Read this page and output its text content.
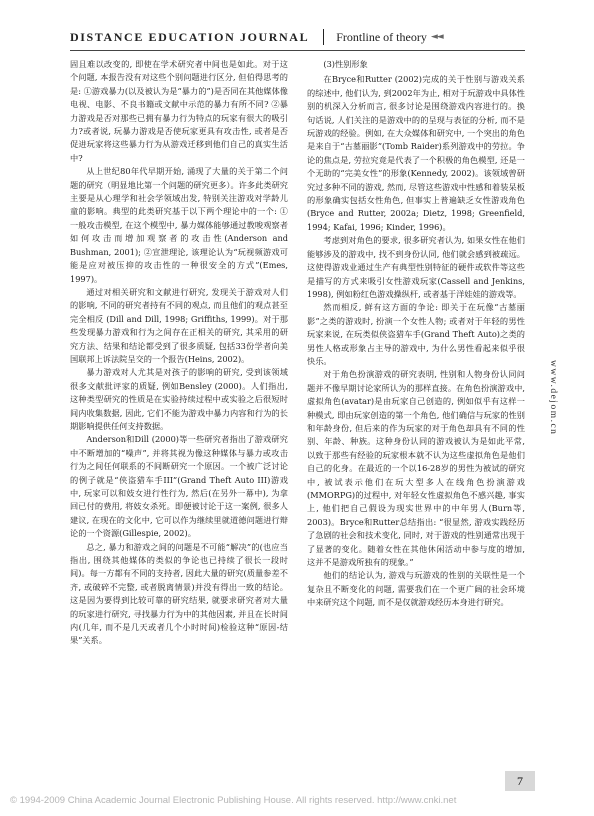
DISTANCE EDUCATION JOURNAL Frontline of theory ◄◄

固且难以改变的, 即使在学术研究者中间也是如此。对于这个问题, 本报告没有对这些个别问题进行区分, 但伯得思考的是: ①游戏暴力(以及被认为是“暴力的”)是否同在其他媒体像电视、电影、不良书籍或文献中示范的暴力有所不同? ②暴力游戏是否对那些已拥有暴力行为特点的玩家有很大的吸引力?或者说, 玩暴力游戏是否使玩家更具有攻击性, 或者是否促进玩家将这些暴力行为从游戏迁移到他们自己的真实生活中?

从上世纪80年代早期开始, 涌现了大量的关于第二个问题的研究（明显地比第一个问题的研究更多）。许多此类研究主要是从心理学和社会学领域出发, 特别关注游戏对学龄儿童的影响。典型的此类研究基于以下两个理论中的一个: ①一般攻击模型, 在这个模型中, 暴力媒体能够通过教唆观察者如何攻击而增加观察者的攻击性(Anderson and Bushman, 2001); ②宣泄理论, 该理论认为“玩视频游戏可能是应对被压抑的攻击性的一种很安全的方式”(Emes, 1997)。

通过对相关研究和文献进行研究, 发现关于游戏对人们的影响, 不同的研究者持有不同的观点, 而且他们的观点甚至完全相反 (Dill and Dill, 1998; Griffiths, 1999)。对于那些发现暴力游戏和行为之间存在正相关的研究, 其采用的研究方法、结果和结论都受到了很多质疑, 包括33份学者向美国联邦上诉法院呈交的一个报告(Heins, 2002)。

暴力游戏对人尤其是对孩子的影响的研究, 受到该领域很多文献批评家的质疑, 例如Bensley (2000)。人们指出, 这种类型研究的性质是在实验持续过程中或实验之后很短时间内收集数据, 因此, 它们不能为游戏中暴力内容和行为的长期影响提供任何支持数据。

Anderson和Dill (2000)等一些研究者指出了游戏研究中不断增加的“噪声”, 并将其视为像这种媒体与暴力或攻击行为之间任何联系的不间断研究一个原因。一个被广泛讨论的例子就是“侠盗猎车手III”(Grand Theft Auto III)游戏中, 玩家可以和妓女进行性行为, 然后(在另外一幕中), 为拿回已付的费用, 将妓女杀死。即便被讨论于这一案例, 很多人建议, 在现在的文化中, 它可以作为继续里就道德问题进行辩论的一个资源(Gillespie, 2002)。

总之, 暴力和游戏之间的问题是不可能“解决”的(也应当指出, 围绕其他媒体的类似的争论也已持续了很长一段时间)。每一方都有不同的支持者, 因此大量的研究(质量参差不齐, 或破碎不完整, 或者脱离情景)并没有得出一致的结论。这是因为要得到比较可靠的研究结果, 就要求研究者对大量的玩家进行研究, 寻找暴力行为中的其他因素, 并且在长时间内(几年, 而不是几天或者几个小时时间)检验这种“原因-结果”关系。

(3)性别形象

在Bryce和Rutter (2002)完成的关于性别与游戏关系的综述中, 他们认为, 到2002年为止, 相对于玩游戏中具体性别的机深入分析而言, 很多讨论是围绕游戏内容进行的。换句话说, 人们关注的是游戏中的的呈现与表征的分析, 而不是玩游戏的经验。例如, 在大众媒体和研究中, 一个突出的角色是来自于“古墓丽影”(Tomb Raider)系列游戏中的劳拉。争论的焦点是, 劳拉究竟是代表了一个积极的角色模型, 还是一个无助的“完美女性”的形象(Kennedy, 2002)。该领域曾研究过多种不同的游戏, 然而, 尽管这些游戏中性感和着装呆板的形象确实包括女性角色, 但事实上普遍缺乏女性游戏角色 (Bryce and Rutter, 2002a; Dietz, 1998; Greenfield, 1994; Kafai, 1996; Kinder, 1996)。

考虑到对角色的要求, 很多研究者认为, 如果女性在他们能够涉及的游戏中, 找不到身份认同, 他们就会感到被疏远。这使得游戏业通过生产有典型性别特征的硬件或软件等这些是描写的方式来吸引女性游戏玩家(Cassell and Jenkins, 1998), 例如粉红色游戏操纵杆, 或者基于洋娃娃的游戏等。

然而相反, 鲜有这方面的争论: 即关于在玩像“古墓丽影”之类的游戏时, 扮演一个女性人物; 或者对于年轻的男性玩家来说, 在玩类似侠盗猎车手(Grand Theft Auto)之类的男性人格或形象占主导的游戏中, 为什么男性看起来似乎很快乐。

对于角色扮演游戏的研究表明, 性别和人物身份认同问题并不像早期讨论家所认为的那样直接。在角色扮演游戏中, 虚拟角色(avatar)是由玩家自己创造的, 例如似乎有这样一种模式, 即由玩家创造的第一个角色, 他们确信与玩家的性别和年龄身份, 但后来的作为玩家的对于角色却具有不同的性别、年龄、种族。这种身份认同的游戏被认为是如此平常, 以致于那些有经验的玩家根本就不认为这些虚拟角色是他们自己的化身。在最近的一个以16-28岁的男性为被试的研究中, 被试表示他们在玩大型多人在线角色扮演游戏(MMORPG)的过程中, 对年轻女性虚拟角色不感兴趣, 事实上, 他们把自己假设为现实世界中的中年男人(Burn等, 2003)。Bryce和Rutter总结指出: “很显然, 游戏实践经历了急剧的社会和技术变化, 同时, 对于游戏的性别通常出现于了显著的变化。随着女性在其他休闲活动中参与度的增加, 这并不是游戏所独有的现象。”

他们的结论认为, 游戏与玩游戏的性别的关联性是一个复杂且不断变化的问题, 需要我们在一个更广阔的社会环境中来研究这个问题, 而不是仅就游戏经历本身进行研究。

www.dejom.cn
7
© 1994-2009 China Academic Journal Electronic Publishing House. All rights reserved. http://www.cnki.net
